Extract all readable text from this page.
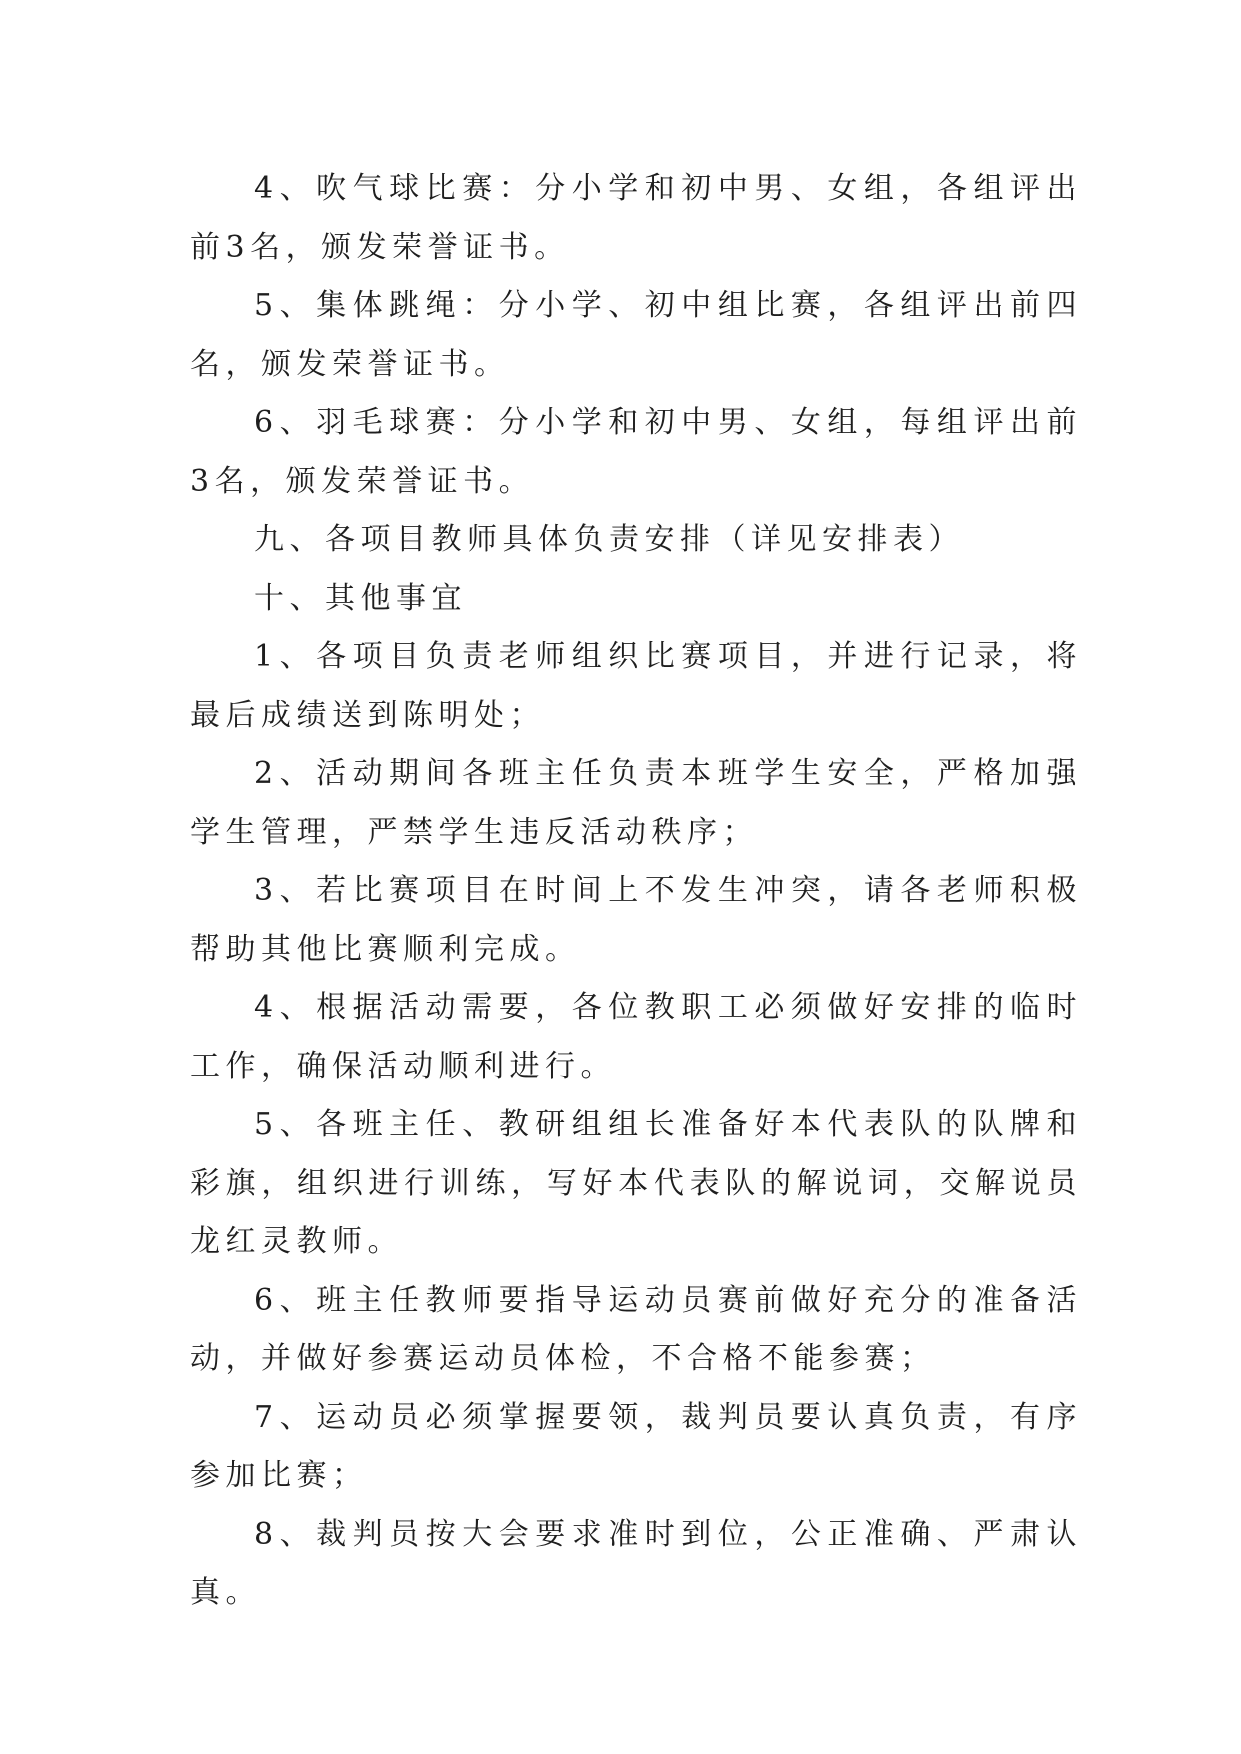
4、吹气球比赛：分小学和初中男、女组，各组评出前3名，颁发荣誉证书。

5、集体跳绳：分小学、初中组比赛，各组评出前四名，颁发荣誉证书。

6、羽毛球赛：分小学和初中男、女组，每组评出前3名，颁发荣誉证书。

九、各项目教师具体负责安排（详见安排表）

十、其他事宜

1、各项目负责老师组织比赛项目，并进行记录，将最后成绩送到陈明处；

2、活动期间各班主任负责本班学生安全，严格加强学生管理，严禁学生违反活动秩序；

3、若比赛项目在时间上不发生冲突，请各老师积极帮助其他比赛顺利完成。

4、根据活动需要，各位教职工必须做好安排的临时工作，确保活动顺利进行。

5、各班主任、教研组组长准备好本代表队的队牌和彩旗，组织进行训练，写好本代表队的解说词，交解说员龙红灵教师。

6、班主任教师要指导运动员赛前做好充分的准备活动，并做好参赛运动员体检，不合格不能参赛；

7、运动员必须掌握要领，裁判员要认真负责，有序参加比赛；

8、裁判员按大会要求准时到位，公正准确、严肃认真。
